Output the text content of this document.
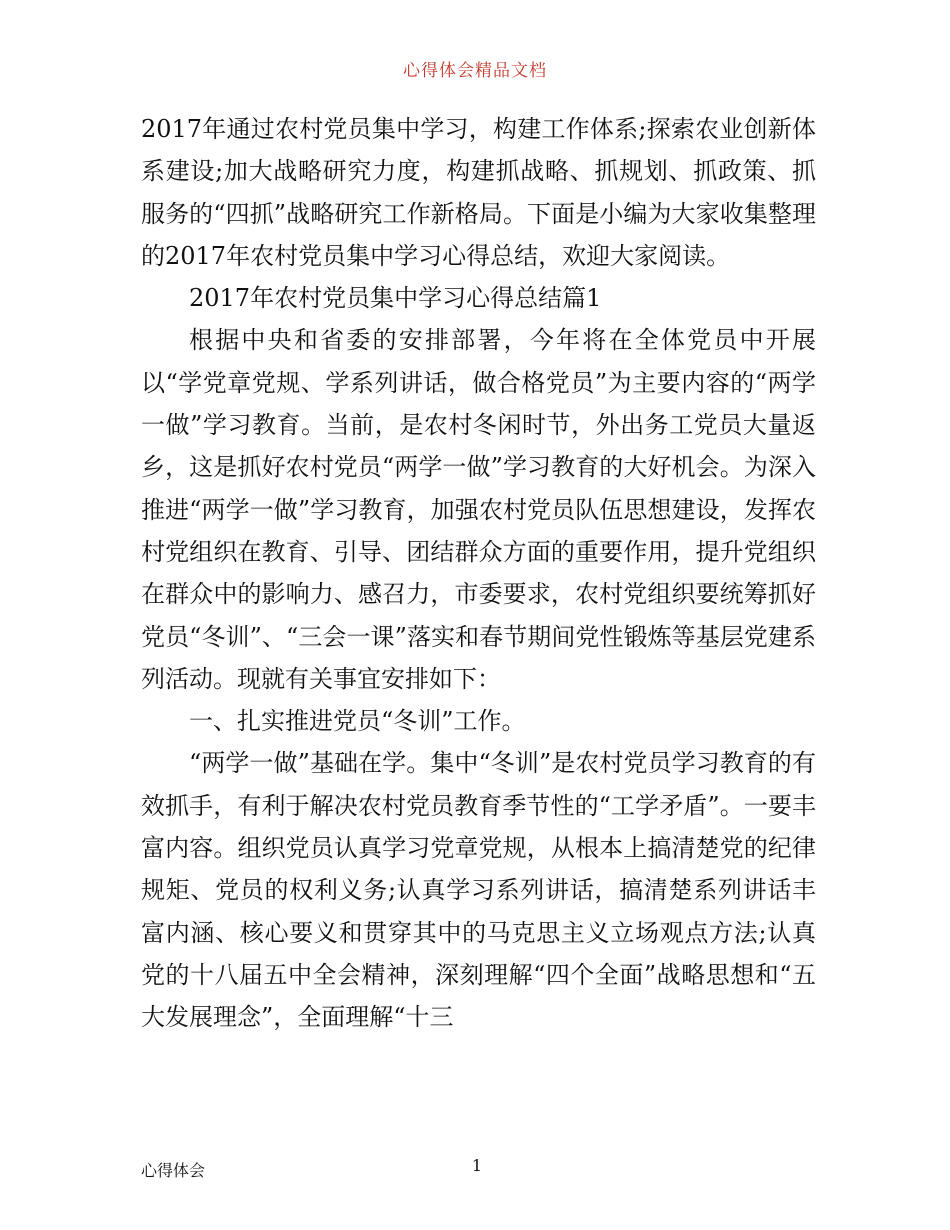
心得体会精品文档

2017年通过农村党员集中学习，构建工作体系;探索农业创新体系建设;加大战略研究力度，构建抓战略、抓规划、抓政策、抓服务的“四抓”战略研究工作新格局。下面是小编为大家收集整理的2017年农村党员集中学习心得总结，欢迎大家阅读。

2017年农村党员集中学习心得总结篇1

根据中央和省委的安排部署，今年将在全体党员中开展以“学党章党规、学系列讲话，做合格党员”为主要内容的“两学一做”学习教育。当前，是农村冬闲时节，外出务工党员大量返乡，这是抓好农村党员“两学一做”学习教育的大好机会。为深入推进“两学一做”学习教育，加强农村党员队伍思想建设，发挥农村党组织在教育、引导、团结群众方面的重要作用，提升党组织在群众中的影响力、感召力，市委要求，农村党组织要统筹抓好党员“冬训”、“三会一课”落实和春节期间党性锻炼等基层党建系列活动。现就有关事宜安排如下：

一、扎实推进党员“冬训”工作。

“两学一做”基础在学。集中“冬训”是农村党员学习教育的有效抓手，有利于解决农村党员教育季节性的“工学矛盾”。一要丰富内容。组织党员认真学习党章党规，从根本上搞清楚党的纪律规矩、党员的权利义务;认真学习系列讲话，搞清楚系列讲话丰富内涵、核心要义和贯穿其中的马克思主义立场观点方法;认真党的十八届五中全会精神，深刻理解“四个全面”战略思想和“五大发展理念”，全面理解“十三

心得体会	1
